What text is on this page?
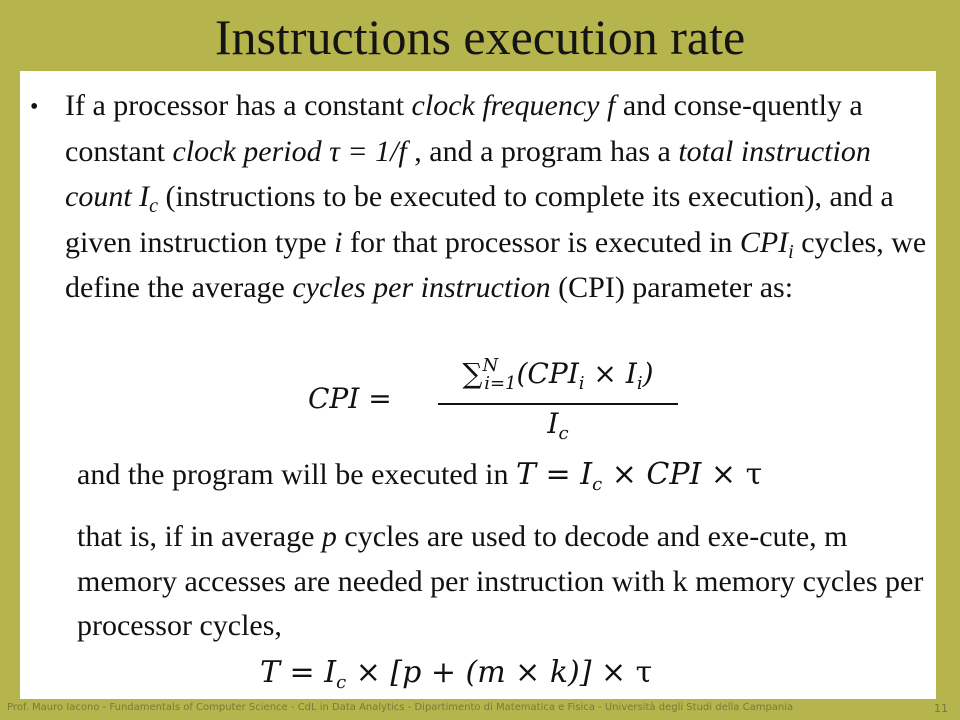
Instructions execution rate
• If a processor has a constant clock frequency f and conse-quently a constant clock period τ = 1/f , and a program has a total instruction count $I_c$ (instructions to be executed to complete its execution), and a given instruction type i for that processor is executed in $CPI_i$ cycles, we define the average cycles per instruction (CPI) parameter as:
CPI =
$\sum^N_{i=1}(CPI_i \times I_i)$
$I_c$
and the program will be executed in $T = I_c$ × CPI × τ
that is, if in average p cycles are used to decode and exe-cute, m memory accesses are needed per instruction with k memory cycles per processor cycles,
$T = I_c \times [p + (m \times k)] \times \tau$
Prof. Mauro Iacono - Fundamentals of Computer Science - CdL in Data Analytics - Dipartimento di Matematica e Fisica - Università degli Studi della Campania	11
